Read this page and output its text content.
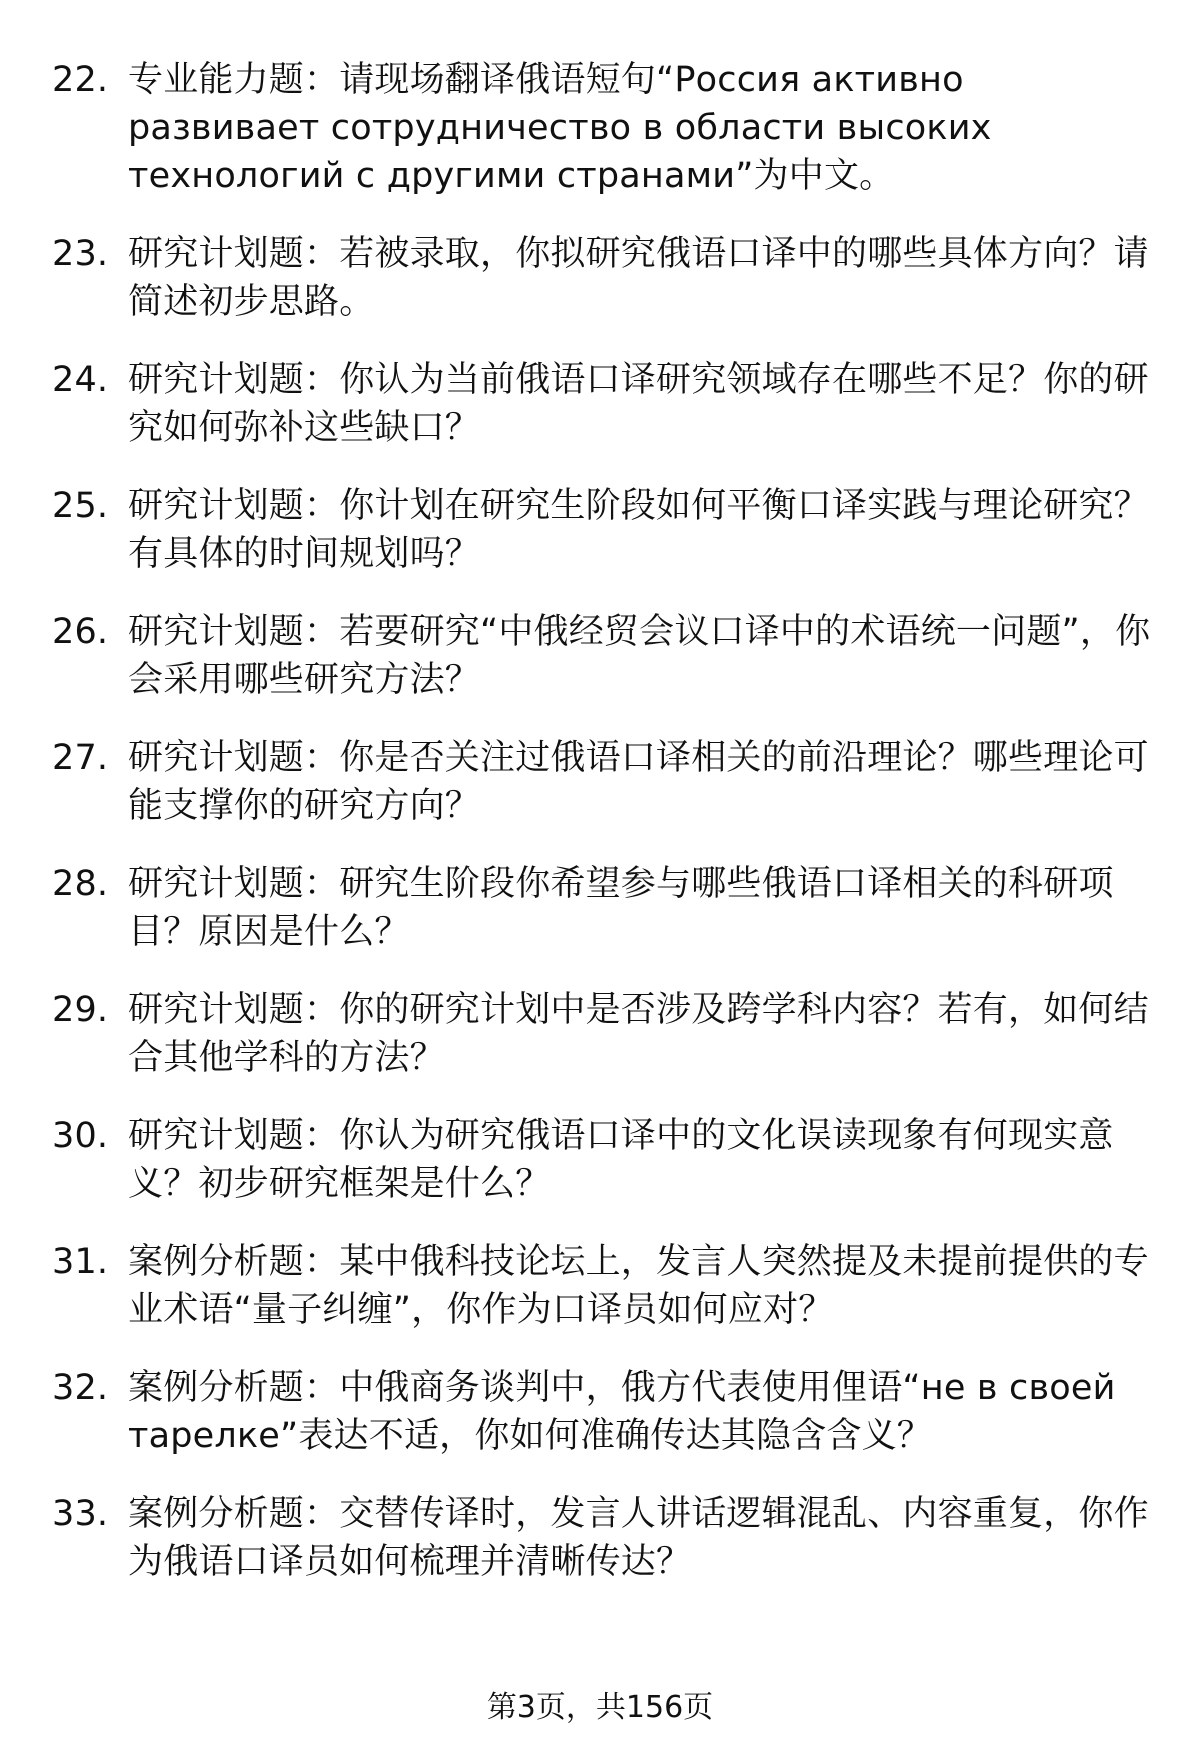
22. 专业能力题：请现场翻译俄语短句“Россия активно развивает сотрудничество в области высоких технологий с другими странами”为中文。
23. 研究计划题：若被录取，你拟研究俄语口译中的哪些具体方向？请简述初步思路。
24. 研究计划题：你认为当前俄语口译研究领域存在哪些不足？你的研究如何弥补这些缺口？
25. 研究计划题：你计划在研究生阶段如何平衡口译实践与理论研究？有具体的时间规划吗？
26. 研究计划题：若要研究“中俄经贸会议口译中的术语统一问题”，你会采用哪些研究方法？
27. 研究计划题：你是否关注过俄语口译相关的前沿理论？哪些理论可能支撑你的研究方向？
28. 研究计划题：研究生阶段你希望参与哪些俄语口译相关的科研项目？原因是什么？
29. 研究计划题：你的研究计划中是否涉及跨学科内容？若有，如何结合其他学科的方法？
30. 研究计划题：你认为研究俄语口译中的文化误读现象有何现实意义？初步研究框架是什么？
31. 案例分析题：某中俄科技论坛上，发言人突然提及未提前提供的专业术语“量子纠缠”，你作为口译员如何应对？
32. 案例分析题：中俄商务谈判中，俄方代表使用俚语“не в своей тарелке”表达不适，你如何准确传达其隐含含义？
33. 案例分析题：交替传译时，发言人讲话逻辑混乱、内容重复，你作为俄语口译员如何梳理并清晰传达？
第3页，共156页
